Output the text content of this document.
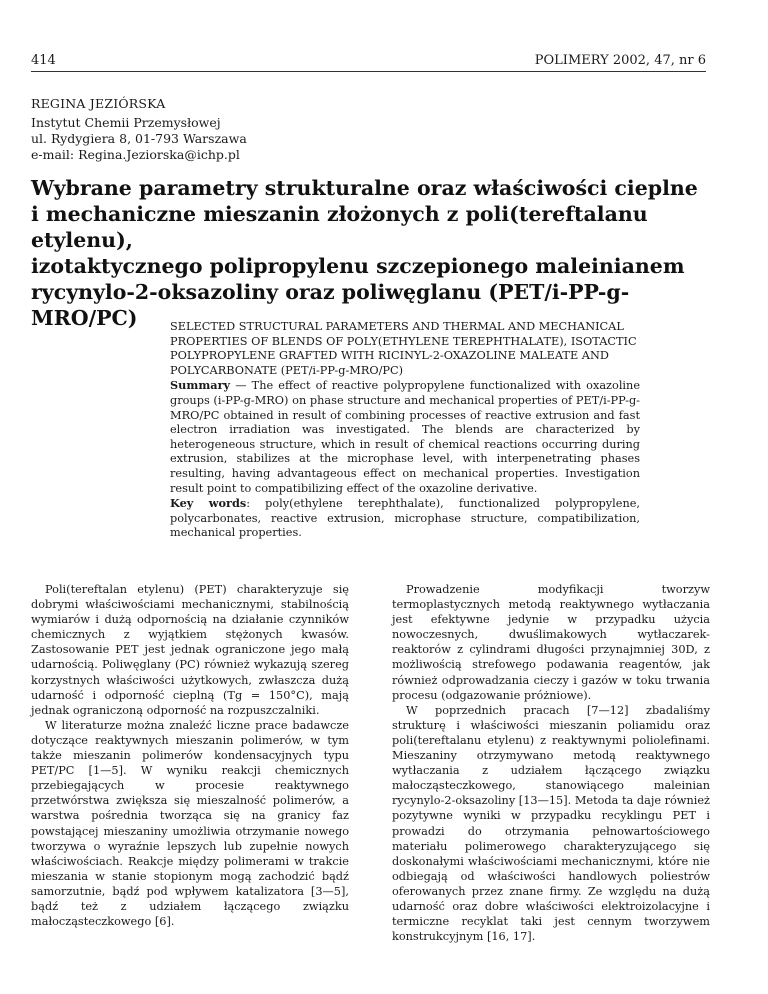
414	POLIMERY 2002, 47, nr 6
REGINA JEZIÓRSKA
Instytut Chemii Przemysłowej
ul. Rydygiera 8, 01-793 Warszawa
e-mail: Regina.Jeziorska@ichp.pl
Wybrane parametry strukturalne oraz właściwości cieplne
i mechaniczne mieszanin złożonych z poli(tereftalanu etylenu),
izotaktycznego polipropylenu szczepionego maleinianem
rycynylo-2-oksazoliny oraz poliwęglanu (PET/i-PP-g-MRO/PC)	SELECTED STRUCTURAL PARAMETERS AND THERMAL AND MECHANICAL PROPERTIES OF BLENDS OF POLY(ETHYLENE TEREPHTHALATE), ISOTACTIC POLYPROPYLENE GRAFTED WITH RICINYL-2-OXAZOLINE MALEATE AND POLYCARBONATE (PET/i-PP-g-MRO/PC)

Summary — The effect of reactive polypropylene functionalized with oxazoline groups (i-PP-g-MRO) on phase structure and mechanical properties of PET/i-PP-g-MRO/PC obtained in result of combining processes of reactive extrusion and fast electron irradiation was investigated. The blends are characterized by heterogeneous structure, which in result of chemical reactions occurring during extrusion, stabilizes at the microphase level, with interpenetrating phases resulting, having advantageous effect on mechanical properties. Investigation result point to compatibilizing effect of the oxazoline derivative.

Key words: poly(ethylene terephthalate), functionalized polypropylene, polycarbonates, reactive extrusion, microphase structure, compatibilization, mechanical properties.

Poli(tereftalan etylenu) (PET) charakteryzuje się dobrymi właściwościami mechanicznymi, stabilnością wymiarów i dużą odpornością na działanie czynników chemicznych z wyjątkiem stężonych kwasów. Zastosowanie PET jest jednak ograniczone jego małą udarnością. Poliwęglany (PC) również wykazują szereg korzystnych właściwości użytkowych, zwłaszcza dużą udarność i odporność cieplną (Tg = 150°C), mają jednak ograniczoną odporność na rozpuszczalniki.

W literaturze można znaleźć liczne prace badawcze dotyczące reaktywnych mieszanin polimerów, w tym także mieszanin polimerów kondensacyjnych typu PET/PC [1—5]. W wyniku reakcji chemicznych przebiegających w procesie reaktywnego przetwórstwa zwiększa się mieszalność polimerów, a warstwa pośrednia tworząca się na granicy faz powstającej mieszaniny umożliwia otrzymanie nowego tworzywa o wyraźnie lepszych lub zupełnie nowych właściwościach. Reakcje między polimerami w trakcie mieszania w stanie stopionym mogą zachodzić bądź samorzutnie, bądź pod wpływem katalizatora [3—5], bądź też z udziałem łączącego związku małocząsteczkowego [6].

Prowadzenie modyfikacji tworzyw termoplastycznych metodą reaktywnego wytłaczania jest efektywne jedynie w przypadku użycia nowoczesnych, dwuślimakowych wytłaczarek-reaktorów z cylindrami długości przynajmniej 30D, z możliwością strefowego podawania reagentów, jak również odprowadzania cieczy i gazów w toku trwania procesu (odgazowanie próżniowe).

W poprzednich pracach [7—12] zbadaliśmy strukturę i właściwości mieszanin poliamidu oraz poli(tereftalanu etylenu) z reaktywnymi poliolefinami. Mieszaniny otrzymywano metodą reaktywnego wytłaczania z udziałem łączącego związku małocząsteczkowego, stanowiącego maleinian rycynylo-2-oksazoliny [13—15]. Metoda ta daje również pozytywne wyniki w przypadku recyklingu PET i prowadzi do otrzymania pełnowartościowego materiału polimerowego charakteryzującego się doskonałymi właściwościami mechanicznymi, które nie odbiegają od właściwości handlowych poliestrów oferowanych przez znane firmy. Ze względu na dużą udarność oraz dobre właściwości elektroizolacyjne i termiczne recyklat taki jest cennym tworzywem konstrukcyjnym [16, 17].
